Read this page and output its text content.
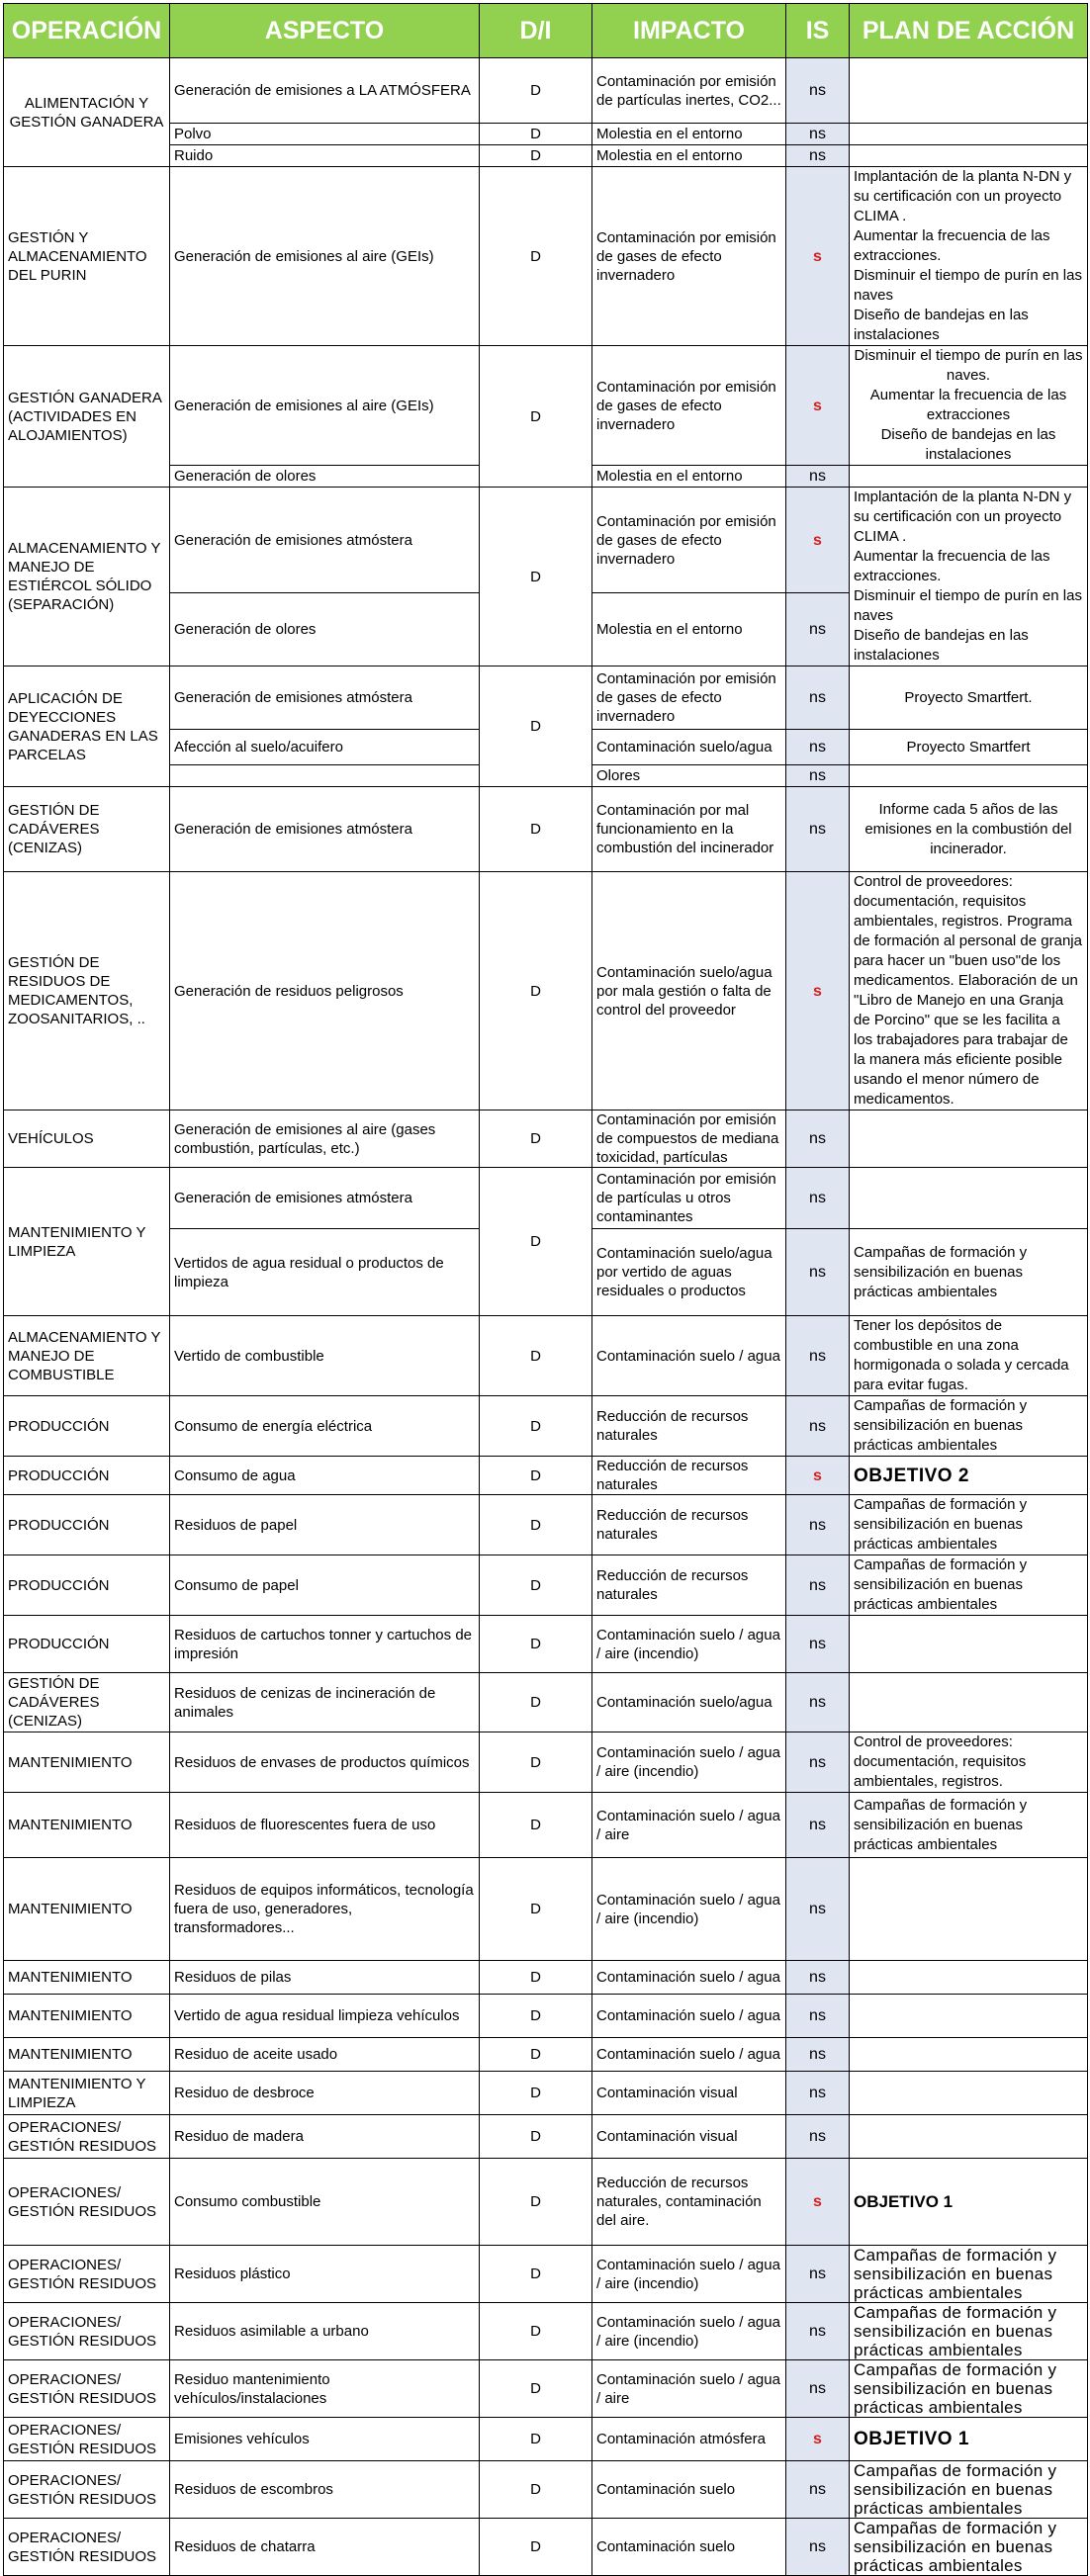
OPERACIÓN	ASPECTO	D/I	IMPACTO	IS	PLAN DE ACCIÓN
ALIMENTACIÓN Y GESTIÓN GANADERA	Generación de emisiones a LA ATMÓSFERA	D	Contaminación por emisión de partículas inertes, CO2...	ns	
	Polvo	D	Molestia en el entorno	ns	
	Ruido	D	Molestia en el entorno	ns	
GESTIÓN Y ALMACENAMIENTO DEL PURIN	Generación de emisiones al aire (GEIs)	D	Contaminación por emisión de gases de efecto invernadero	s	Implantación de la planta N-DN y su certificación con un proyecto CLIMA .
Aumentar la frecuencia de las extracciones.
Disminuir el tiempo de purín en las naves
Diseño de bandejas en las instalaciones
GESTIÓN GANADERA (ACTIVIDADES EN ALOJAMIENTOS)	Generación de emisiones al aire (GEIs)	D	Contaminación por emisión de gases de efecto invernadero	s	Disminuir el tiempo de purín en las naves.
Aumentar la frecuencia de las extracciones
Diseño de bandejas en las instalaciones
	Generación de olores		Molestia en el entorno	ns	
ALMACENAMIENTO Y MANEJO DE ESTIÉRCOL SÓLIDO (SEPARACIÓN)	Generación de emisiones atmóstera	D	Contaminación por emisión de gases de efecto invernadero	s	Implantación de la planta N-DN y su certificación con un proyecto CLIMA .
Aumentar la frecuencia de las extracciones.
Disminuir el tiempo de purín en las naves
Diseño de bandejas en las instalaciones
	Generación de olores		Molestia en el entorno	ns	
APLICACIÓN DE DEYECCIONES GANADERAS EN LAS PARCELAS	Generación de emisiones atmóstera	D	Contaminación por emisión de gases de efecto invernadero	ns	Proyecto Smartfert.
	Afección al suelo/acuifero		Contaminación suelo/agua	ns	Proyecto Smartfert
			Olores	ns	
GESTIÓN DE CADÁVERES (CENIZAS)	Generación de emisiones atmóstera	D	Contaminación por mal funcionamiento en la combustión del incinerador	ns	Informe cada 5 años de las emisiones en la combustión del incinerador.
GESTIÓN DE RESIDUOS DE MEDICAMENTOS, ZOOSANITARIOS, ..	Generación de residuos peligrosos	D	Contaminación suelo/agua por mala gestión o falta de control del proveedor	s	Control de proveedores: documentación, requisitos ambientales, registros. Programa de formación al personal de granja para hacer un "buen uso"de los medicamentos. Elaboración de un "Libro de Manejo en una Granja de Porcino" que se les facilita a los trabajadores para trabajar de la manera más eficiente posible usando el menor número de medicamentos.
VEHÍCULOS	Generación de emisiones al aire (gases combustión, partículas, etc.)	D	Contaminación por emisión de compuestos de mediana toxicidad, partículas	ns	
MANTENIMIENTO Y LIMPIEZA	Generación de emisiones atmóstera	D	Contaminación por emisión de partículas u otros contaminantes	ns	
	Vertidos de agua residual o productos de limpieza		Contaminación suelo/agua por vertido de aguas residuales o productos	ns	Campañas de formación y sensibilización en buenas prácticas ambientales
ALMACENAMIENTO Y MANEJO DE COMBUSTIBLE	Vertido de combustible	D	Contaminación suelo / agua	ns	Tener los depósitos de combustible en una zona hormigonada o solada y cercada para evitar fugas.
PRODUCCIÓN	Consumo de energía eléctrica	D	Reducción de recursos naturales	ns	Campañas de formación y sensibilización en buenas prácticas ambientales
PRODUCCIÓN	Consumo de agua	D	Reducción de recursos naturales	s	OBJETIVO 2
PRODUCCIÓN	Residuos de papel	D	Reducción de recursos naturales	ns	Campañas de formación y sensibilización en buenas prácticas ambientales
PRODUCCIÓN	Consumo de papel	D	Reducción de recursos naturales	ns	Campañas de formación y sensibilización en buenas prácticas ambientales
PRODUCCIÓN	Residuos de cartuchos tonner y cartuchos de impresión	D	Contaminación suelo / agua / aire (incendio)	ns	
GESTIÓN DE CADÁVERES (CENIZAS)	Residuos de cenizas de incineración de animales	D	Contaminación suelo/agua	ns	
MANTENIMIENTO	Residuos de envases de productos químicos	D	Contaminación suelo / agua / aire (incendio)	ns	Control de proveedores: documentación, requisitos ambientales, registros.
MANTENIMIENTO	Residuos de fluorescentes fuera de uso	D	Contaminación suelo / agua / aire	ns	Campañas de formación y sensibilización en buenas prácticas ambientales
MANTENIMIENTO	Residuos de equipos informáticos, tecnología fuera de uso, generadores, transformadores...	D	Contaminación suelo / agua / aire (incendio)	ns	
MANTENIMIENTO	Residuos de pilas	D	Contaminación suelo / agua	ns	
MANTENIMIENTO	Vertido de agua residual limpieza vehículos	D	Contaminación suelo / agua	ns	
MANTENIMIENTO	Residuo de aceite usado	D	Contaminación suelo / agua	ns	
MANTENIMIENTO Y LIMPIEZA	Residuo de desbroce	D	Contaminación visual	ns	
OPERACIONES/ GESTIÓN RESIDUOS	Residuo de madera	D	Contaminación visual	ns	
OPERACIONES/ GESTIÓN RESIDUOS	Consumo combustible	D	Reducción de recursos naturales, contaminación del aire.	s	OBJETIVO 1
OPERACIONES/ GESTIÓN RESIDUOS	Residuos plástico	D	Contaminación suelo / agua / aire (incendio)	ns	Campañas de formación y sensibilización en buenas prácticas ambientales
OPERACIONES/ GESTIÓN RESIDUOS	Residuos asimilable a urbano	D	Contaminación suelo / agua / aire (incendio)	ns	Campañas de formación y sensibilización en buenas prácticas ambientales
OPERACIONES/ GESTIÓN RESIDUOS	Residuo mantenimiento vehículos/instalaciones	D	Contaminación suelo / agua / aire	ns	Campañas de formación y sensibilización en buenas prácticas ambientales
OPERACIONES/ GESTIÓN RESIDUOS	Emisiones vehículos	D	Contaminación atmósfera	s	OBJETIVO 1
OPERACIONES/ GESTIÓN RESIDUOS	Residuos de escombros	D	Contaminación suelo	ns	Campañas de formación y sensibilización en buenas prácticas ambientales
OPERACIONES/ GESTIÓN RESIDUOS	Residuos de chatarra	D	Contaminación suelo	ns	Campañas de formación y sensibilización en buenas prácticas ambientales
